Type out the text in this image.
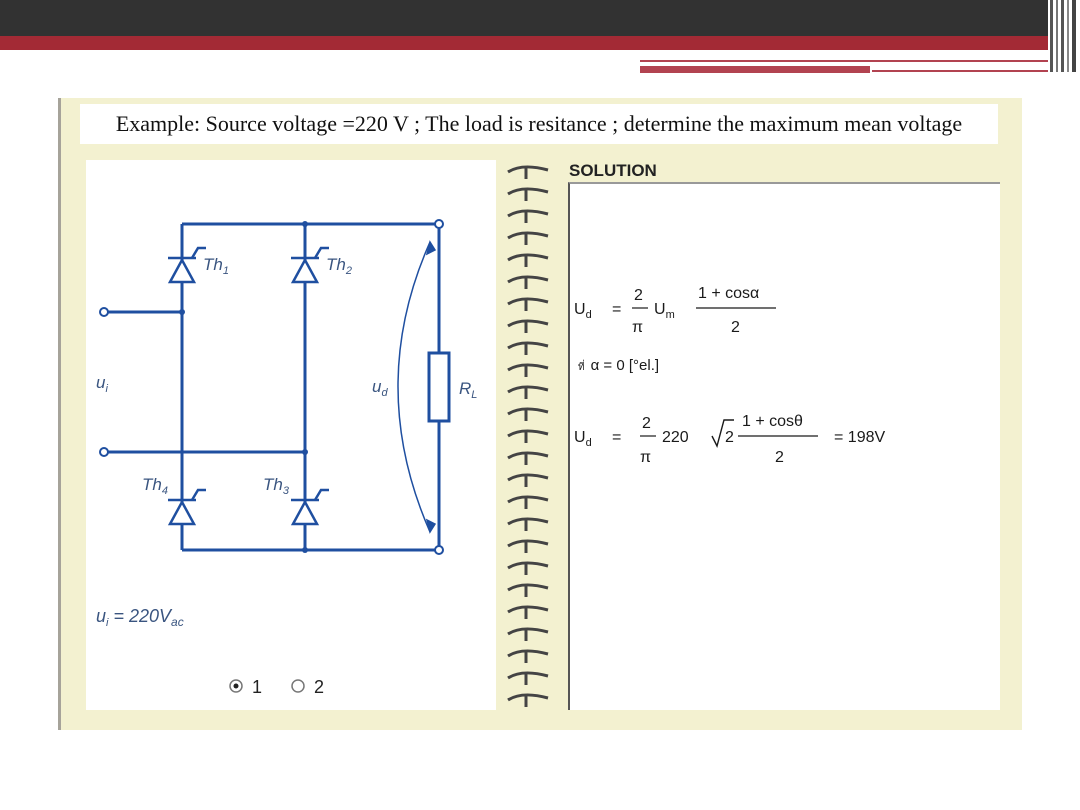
Example: Source voltage =220 V ; The load is resitance ; determine the maximum mean voltage
$Th_1$	$Th_2$
$Th_4$	$Th_3$
$u_i$	$u_d$	$R_L$
$u_i = 220V_{ac}$
1	2
SOLUTION
$U_d$ =
2
π
$U_m$
1 + cosα
2
ที่ α = 0 [°el.]
$U_d$ =
2
π
220 2
1 + cosθ
2
= 198V
